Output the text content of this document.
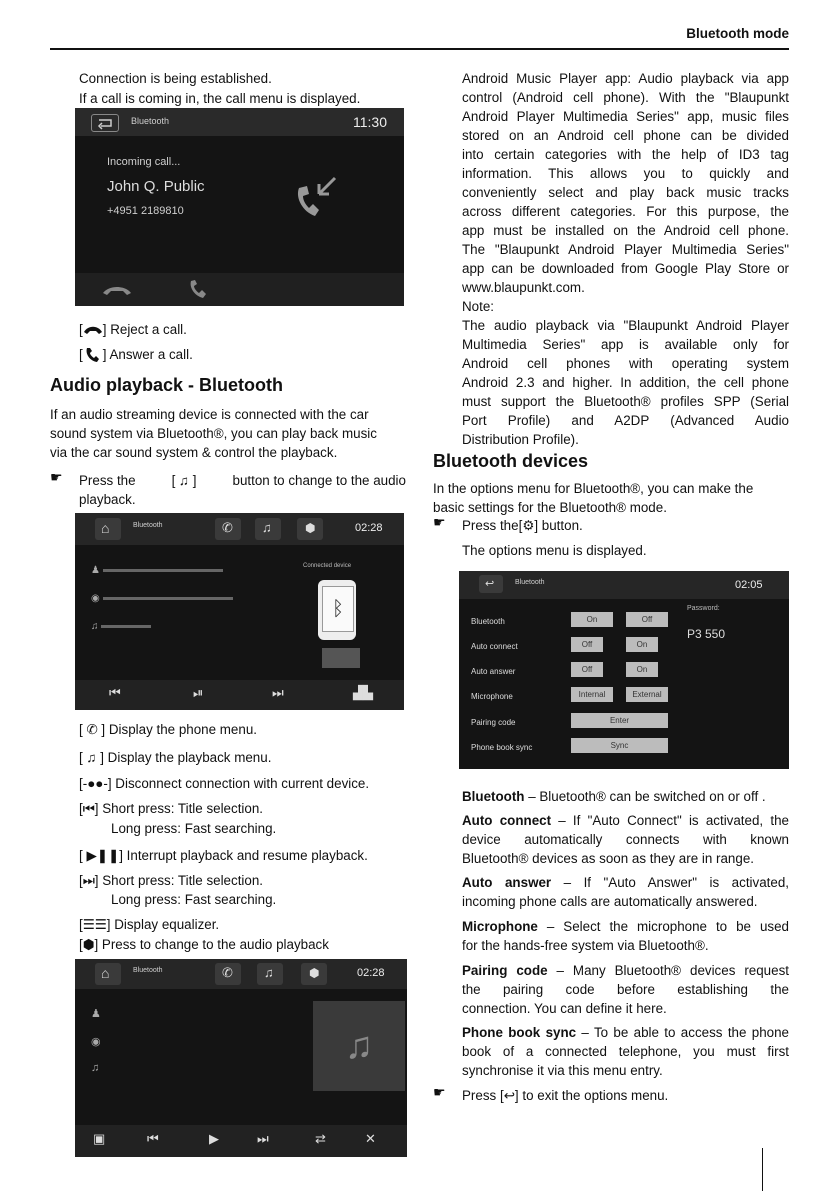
Bluetooth mode
Connection is being established.
If a call is coming in, the call menu is displayed.
Bluetooth	11:30
Incoming call...
John Q. Public
+4951 2189810
[ ] Reject a call.
[ ] Answer a call.
Audio playback - Bluetooth
If an audio streaming device is connected with the car
sound system via Bluetooth®, you can play back music
via the car sound system & control the playback.
☛ Press the	[ ♫ ]	button to change to the audio
playback.
⌂	Bluetooth	✆ ♫	⬢	02:28
♟
◉
♫
Connected device
ᛒ
⏮	⏯	⏭	▟▙
[ ✆ ] Display the phone menu.
[ ♫ ] Display the playback menu.
[-●●-] Disconnect connection with current device.
[⏮] Short press: Title selection.
Long press: Fast searching.
[ ▶❚❚] Interrupt playback and resume playback.
[⏭] Short press: Title selection.
Long press: Fast searching.
[☰☰] Display equalizer.
[⬢] Press to change to the audio playback
⌂	Bluetooth	✆ ♫	⬢	02:28
♟
◉
♫
♫
▣	⏮	▶	⏭	⇄	✕
Android Music Player app: Audio playback via app
control (Android cell phone). With the "Blaupunkt
Android Player Multimedia Series" app, music files
stored on an Android cell phone can be divided
into certain categories with the help of ID3 tag
information. This allows you to quickly and
conveniently select and play back music tracks
across different categories. For this purpose, the
app must be installed on the Android cell phone.
The "Blaupunkt Android Player Multimedia Series"
app can be downloaded from Google Play Store or
www.blaupunkt.com.
Note:
The audio playback via "Blaupunkt Android Player
Multimedia Series" app is available only for
Android cell phones with operating system
Android 2.3 and higher. In addition, the cell phone
must support the Bluetooth® profiles SPP (Serial
Port Profile) and A2DP (Advanced Audio
Distribution Profile).
Bluetooth devices
In the options menu for Bluetooth®, you can make the
basic settings for the Bluetooth® mode.
☛ Press the[⚙] button.
The options menu is displayed.
↩	Bluetooth	02:05
Password:
P3 550
Bluetooth	On	Off
Auto connect	Off	On
Auto answer	Off	On
Microphone	Internal	External
Pairing code	Enter
Phone book sync	Sync
Bluetooth – Bluetooth® can be switched on or off .
Auto connect – If "Auto Connect" is activated, the
device automatically connects with known
Bluetooth® devices as soon as they are in range.
Auto answer – If "Auto Answer" is activated,
incoming phone calls are automatically answered.
Microphone – Select the microphone to be used
for the hands-free system via Bluetooth®.
Pairing code – Many Bluetooth® devices request
the pairing code before establishing the
connection. You can define it here.
Phone book sync – To be able to access the phone
book of a connected telephone, you must first
synchronise it via this menu entry.
☛ Press [↩] to exit the options menu.
